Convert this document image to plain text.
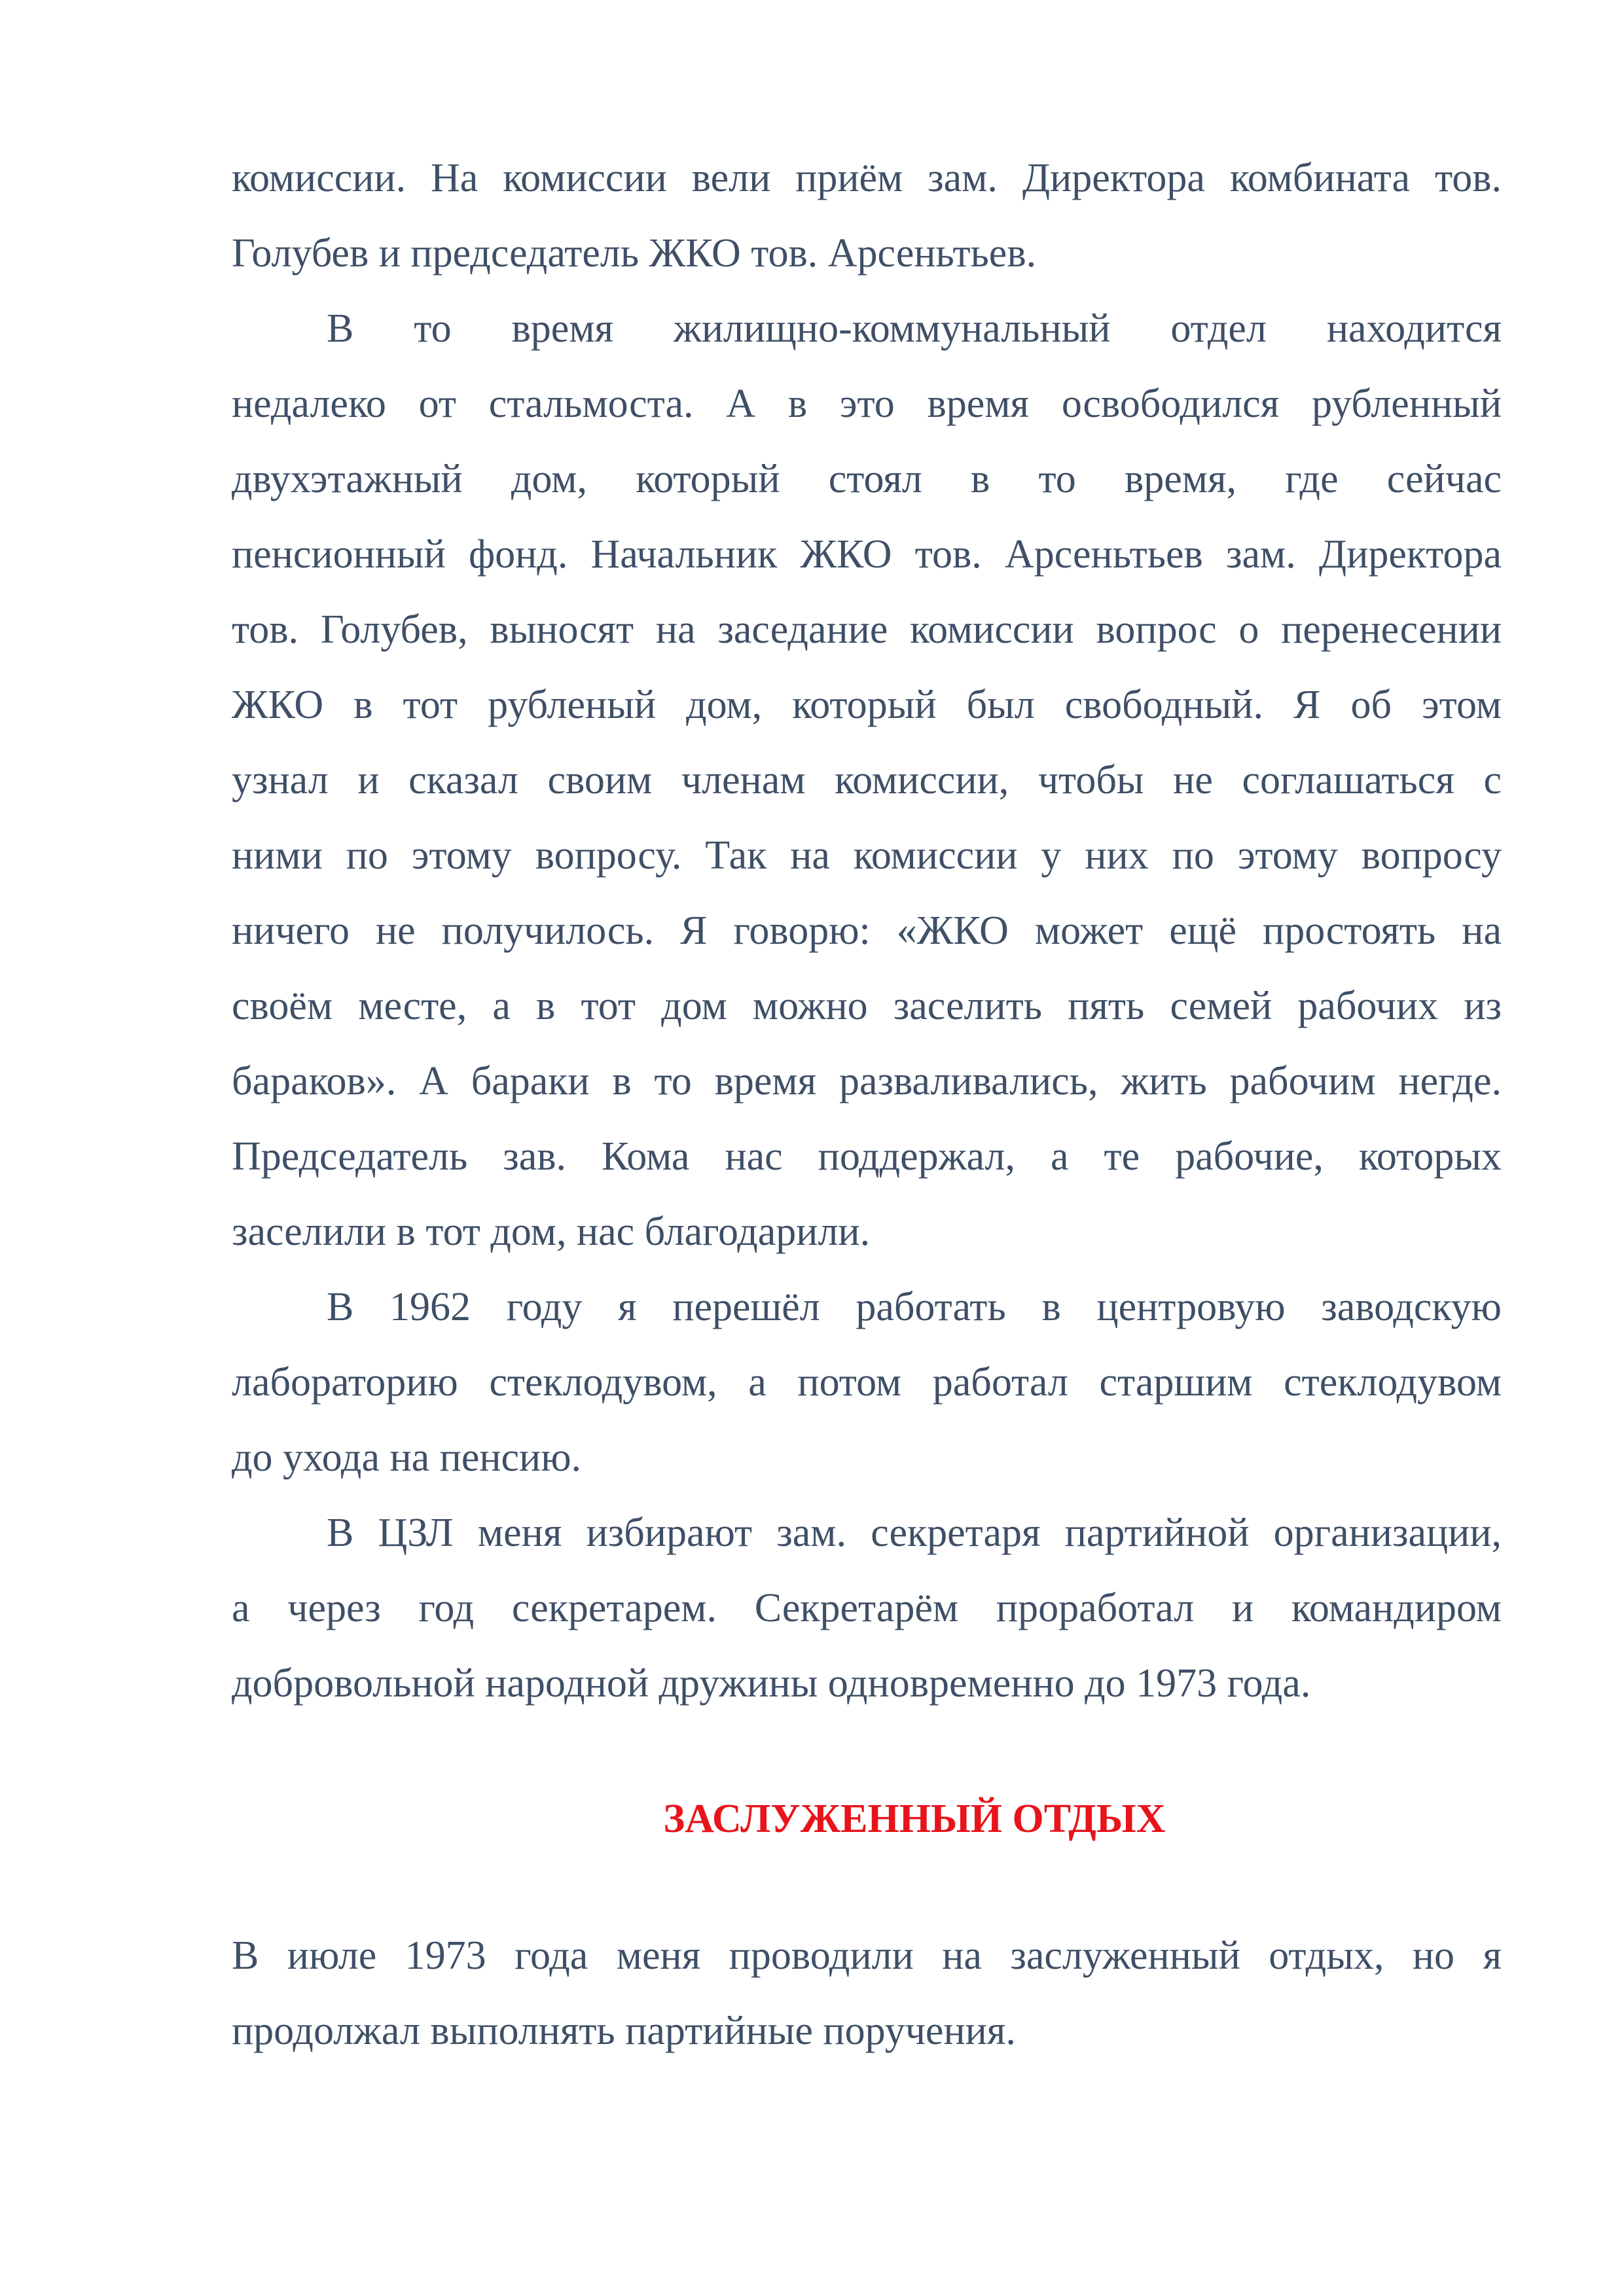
комиссии. На комиссии вели приём зам. Директора комбината тов.
Голубев и председатель ЖКО тов. Арсеньтьев.
В то время жилищно-коммунальный отдел находится
недалеко от стальмоста. А в это время освободился рубленный
двухэтажный дом, который стоял в то время, где сейчас
пенсионный фонд. Начальник ЖКО тов. Арсеньтьев зам. Директора
тов. Голубев, выносят на заседание комиссии вопрос о перенесении
ЖКО в тот рубленый дом, который был свободный. Я об этом
узнал и сказал своим членам комиссии, чтобы не соглашаться с
ними по этому вопросу. Так на комиссии у них по этому вопросу
ничего не получилось. Я говорю: «ЖКО может ещё простоять на
своём месте, а в тот дом можно заселить пять семей рабочих из
бараков». А бараки в то время разваливались, жить рабочим негде.
Председатель зав. Кома нас поддержал, а те рабочие, которых
заселили в тот дом, нас благодарили.
В 1962 году я перешёл работать в центровую заводскую
лабораторию стеклодувом, а потом работал старшим стеклодувом
до ухода на пенсию.
В ЦЗЛ меня избирают зам. секретаря партийной организации,
а через год секретарем. Секретарём проработал и командиром
добровольной народной дружины одновременно до 1973 года.
ЗАСЛУЖЕННЫЙ ОТДЫХ
В июле 1973 года меня проводили на заслуженный отдых, но я
продолжал выполнять партийные поручения.
